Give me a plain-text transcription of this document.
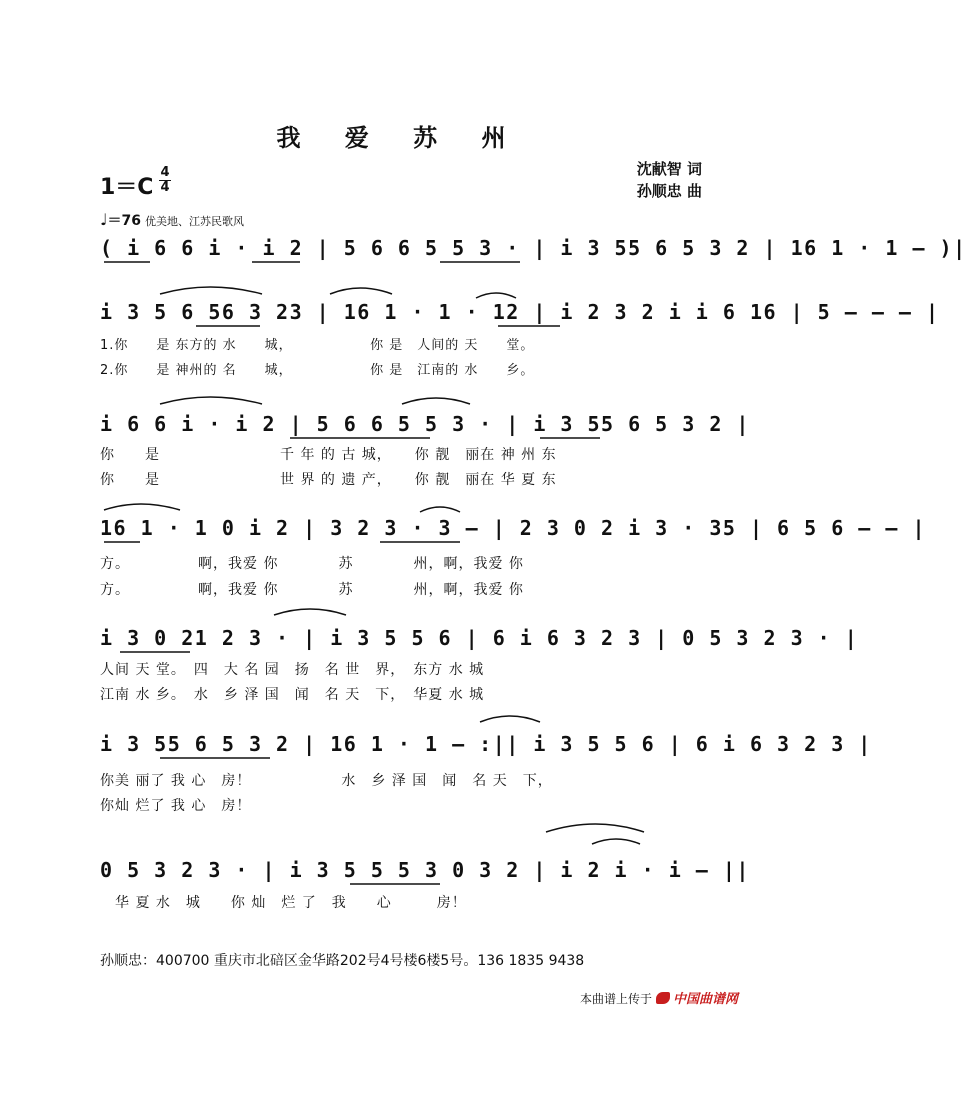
我 爱 苏 州
1＝C
4
4
沈献智 词
孙顺忠 曲
♩＝76 优美地、江苏民歌风
( i 6 6 i · i 2 | 5 6 6 5 5 3 · | i 3 55 6 5 3 2 | 16 1 · 1 – )|
i 3 5 6 56 3 23 | 16 1 · 1 · 12 | i 2 3 2 i i 6 16 | 5 – – – |
1.你　　是 东方的 水　　城，　　　　　　你 是　人间的 天　　堂。
2.你　　是 神州的 名　　城，　　　　　　你 是　江南的 水　　乡。
i 6 6 i · i 2 | 5 6 6 5 5 3 · | i 3 55 6 5 3 2 |
你　　是　　　　　　　　千 年 的 古 城，　　你 靓　丽在 神 州 东
你　　是　　　　　　　　世 界 的 遗 产，　　你 靓　丽在 华 夏 东
16 1 · 1 0 i 2 | 3 2 3 · 3 – | 2 3 0 2 i 3 · 35 | 6 5 6 – – |
方。　　　　　啊，我爱 你　　　　苏　　　　州，啊，我爱 你
方。　　　　　啊，我爱 你　　　　苏　　　　州，啊，我爱 你
i 3 0 21 2 3 · | i 3 5 5 6 | 6 i 6 3 2 3 | 0 5 3 2 3 · |
人间 天 堂。　四　大 名 园　扬　名 世　界，　东方 水 城
江南 水 乡。　水　乡 泽 国　闻　名 天　下，　华夏 水 城
i 3 55 6 5 3 2 | 16 1 · 1 – :|| i 3 5 5 6 | 6 i 6 3 2 3 |
你美 丽了 我 心　房！　　　　　　水　乡 泽 国　闻　名 天　下，
你灿 烂了 我 心　房！
0 5 3 2 3 · | i 3 5 5 5 3 0 3 2 | i 2 i · i – ||
　华 夏 水　城　　你 灿　烂 了　我　　心　　　房！
孙顺忠：400700 重庆市北碚区金华路202号4号楼6楼5号。136 1835 9438
本曲谱上传于 中国曲谱网
